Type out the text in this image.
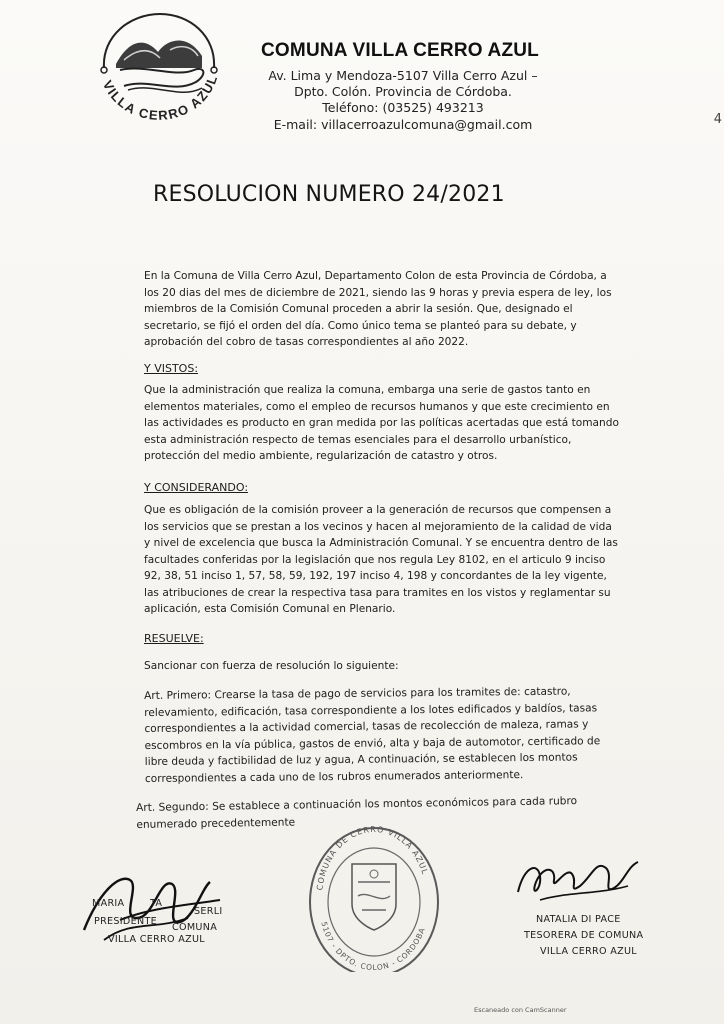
4
VILLA CERRO AZUL
COMUNA VILLA CERRO AZUL
Av. Lima y Mendoza-5107 Villa Cerro Azul –
Dpto. Colón. Provincia de Córdoba.
Teléfono: (03525) 493213
E-mail: villacerroazulcomuna@gmail.com
RESOLUCION NUMERO 24/2021
En la Comuna de Villa Cerro Azul, Departamento Colon de esta Provincia de Córdoba, a los 20 dias del mes de diciembre de 2021, siendo las 9 horas y previa espera de ley, los miembros de la Comisión Comunal proceden a abrir la sesión. Que, designado el secretario, se fijó el orden del día. Como único tema se planteó para su debate, y aprobación del cobro de tasas correspondientes al año 2022.
Y VISTOS:
Que la administración que realiza la comuna, embarga una serie de gastos tanto en elementos materiales, como el empleo de recursos humanos y que este crecimiento en las actividades es producto en gran medida por las políticas acertadas que está tomando esta administración respecto de temas esenciales para el desarrollo urbanístico, protección del medio ambiente, regularización de catastro y otros.
Y CONSIDERANDO:
Que es obligación de la comisión proveer a la generación de recursos que compensen a los servicios que se prestan a los vecinos y hacen al mejoramiento de la calidad de vida y nivel de excelencia que busca la Administración Comunal. Y se encuentra dentro de las facultades conferidas por la legislación que nos regula Ley 8102, en el articulo 9 inciso 92, 38, 51 inciso 1, 57, 58, 59, 192, 197 inciso 4, 198 y concordantes de la ley vigente, las atribuciones de crear la respectiva tasa para tramites en los vistos y reglamentar su aplicación, esta Comisión Comunal en Plenario.
RESUELVE:
Sancionar con fuerza de resolución lo siguiente:
Art. Primero: Crearse la tasa de pago de servicios para los tramites de: catastro, relevamiento, edificación, tasa correspondiente a los lotes edificados y baldíos, tasas correspondientes a la actividad comercial, tasas de recolección de maleza, ramas y escombros en la vía pública, gastos de envió, alta y baja de automotor, certificado de libre deuda y factibilidad de luz y agua, A continuación, se establecen los montos correspondientes a cada uno de los rubros enumerados anteriormente.
Art. Segundo: Se establece a continuación los montos económicos para cada rubro enumerado precedentemente
COMUNA DE CERRO VILLA AZUL
5107 - DPTO. COLON - CORDOBA
MARIA	TA
SERLI
PRESIDENTE
COMUNA
VILLA CERRO AZUL
NATALIA DI PACE
TESORERA DE COMUNA
VILLA CERRO AZUL
Escaneado con CamScanner
